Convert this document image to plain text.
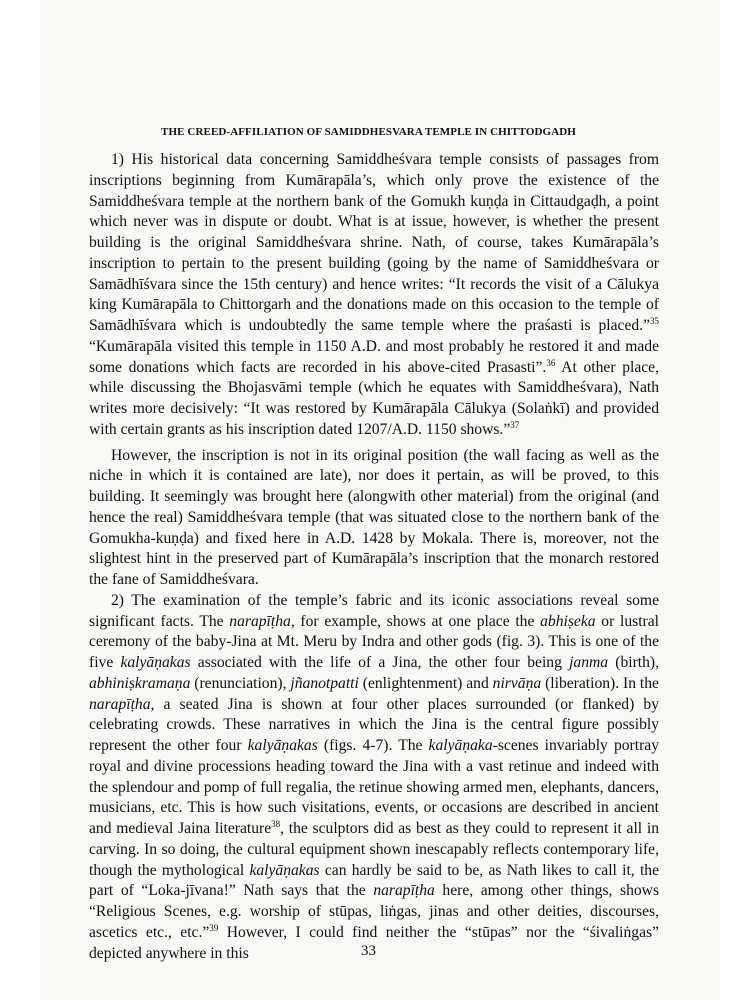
THE CREED-AFFILIATION OF SAMIDDHESVARA TEMPLE IN CHITTODGADH

1) His historical data concerning Samiddheśvara temple consists of passages from inscriptions beginning from Kumārapāla’s, which only prove the existence of the Samiddheśvara temple at the northern bank of the Gomukh kuṇḍa in Cittaudgaḍh, a point which never was in dispute or doubt. What is at issue, however, is whether the present building is the original Samiddheśvara shrine. Nath, of course, takes Kumārapāla’s inscription to pertain to the present building (going by the name of Samiddheśvara or Samādhīśvara since the 15th century) and hence writes: “It records the visit of a Cālukya king Kumārapāla to Chittorgarh and the donations made on this occasion to the temple of Samādhīśvara which is undoubtedly the same temple where the praśasti is placed.”$^{35}$ “Kumārapāla visited this temple in 1150 A.D. and most probably he restored it and made some donations which facts are recorded in his above-cited Prasasti”.$^{36}$ At other place, while discussing the Bhojasvāmi temple (which he equates with Samiddheśvara), Nath writes more decisively: “It was restored by Kumārapāla Cālukya (Solaṅkī) and provided with certain grants as his inscription dated 1207/A.D. 1150 shows.”$^{37}$

However, the inscription is not in its original position (the wall facing as well as the niche in which it is contained are late), nor does it pertain, as will be proved, to this building. It seemingly was brought here (alongwith other material) from the original (and hence the real) Samiddheśvara temple (that was situated close to the northern bank of the Gomukha-kuṇḍa) and fixed here in A.D. 1428 by Mokala. There is, moreover, not the slightest hint in the preserved part of Kumārapāla’s inscription that the monarch restored the fane of Samiddheśvara.

2) The examination of the temple’s fabric and its iconic associations reveal some significant facts. The narapīṭha, for example, shows at one place the abhiṣeka or lustral ceremony of the baby-Jina at Mt. Meru by Indra and other gods (fig. 3). This is one of the five kalyāṇakas associated with the life of a Jina, the other four being janma (birth), abhiniṣkramaṇa (renunciation), jñanotpatti (enlightenment) and nirvāṇa (liberation). In the narapīṭha, a seated Jina is shown at four other places surrounded (or flanked) by celebrating crowds. These narratives in which the Jina is the central figure possibly represent the other four kalyāṇakas (figs. 4-7). The kalyāṇaka-scenes invariably portray royal and divine processions heading toward the Jina with a vast retinue and indeed with the splendour and pomp of full regalia, the retinue showing armed men, elephants, dancers, musicians, etc. This is how such visitations, events, or occasions are described in ancient and medieval Jaina literature$^{38}$, the sculptors did as best as they could to represent it all in carving. In so doing, the cultural equipment shown inescapably reflects contemporary life, though the mythological kalyāṇakas can hardly be said to be, as Nath likes to call it, the part of “Loka-jīvana!” Nath says that the narapīṭha here, among other things, shows “Religious Scenes, e.g. worship of stūpas, liṅgas, jinas and other deities, discourses, ascetics etc., etc.”$^{39}$ However, I could find neither the “stūpas” nor the “śivaliṅgas” depicted anywhere in this	33
